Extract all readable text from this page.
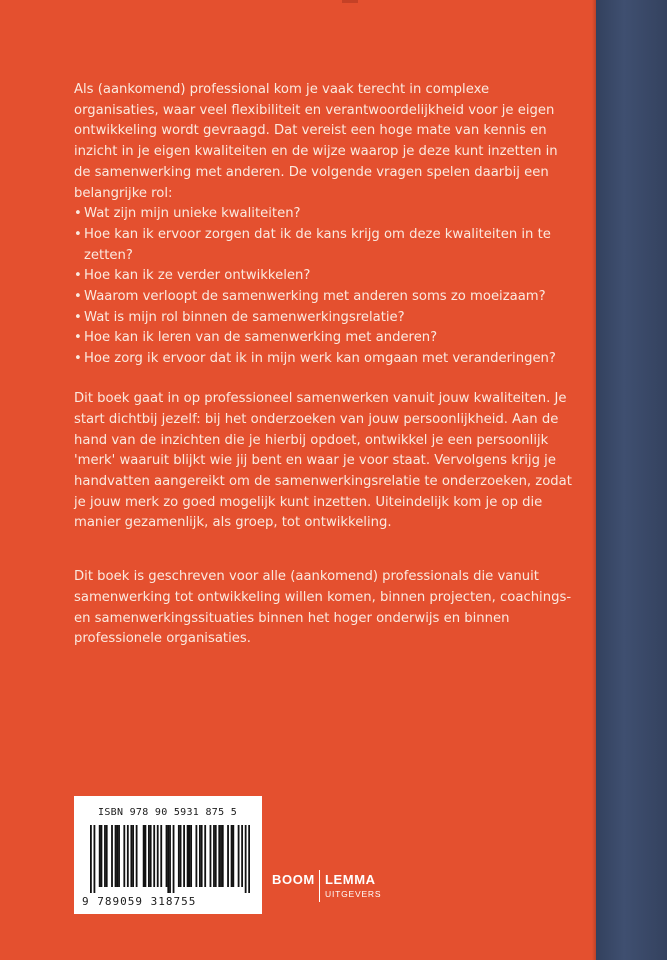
Als (aankomend) professional kom je vaak terecht in complexe organisaties, waar veel flexibiliteit en verantwoordelijkheid voor je eigen ontwikkeling wordt gevraagd. Dat vereist een hoge mate van kennis en inzicht in je eigen kwaliteiten en de wijze waarop je deze kunt inzetten in de samenwerking met anderen. De volgende vragen spelen daarbij een belangrijke rol:

• Wat zijn mijn unieke kwaliteiten?
• Hoe kan ik ervoor zorgen dat ik de kans krijg om deze kwaliteiten in te zetten?
• Hoe kan ik ze verder ontwikkelen?
• Waarom verloopt de samenwerking met anderen soms zo moeizaam?
• Wat is mijn rol binnen de samenwerkingsrelatie?
• Hoe kan ik leren van de samenwerking met anderen?
• Hoe zorg ik ervoor dat ik in mijn werk kan omgaan met veranderingen?

Dit boek gaat in op professioneel samenwerken vanuit jouw kwaliteiten. Je start dichtbij jezelf: bij het onderzoeken van jouw persoonlijkheid. Aan de hand van de inzichten die je hierbij opdoet, ontwikkel je een persoonlijk 'merk' waaruit blijkt wie jij bent en waar je voor staat. Vervolgens krijg je handvatten aangereikt om de samenwerkingsrelatie te onderzoeken, zodat je jouw merk zo goed mogelijk kunt inzetten. Uiteindelijk kom je op die manier gezamenlijk, als groep, tot ontwikkeling.

Dit boek is geschreven voor alle (aankomend) professionals die vanuit samenwerking tot ontwikkeling willen komen, binnen projecten, coachings- en samenwerkingssituaties binnen het hoger onderwijs en binnen professionele organisaties.

ISBN 978 90 5931 875 5
9 789059 318755
BOOM LEMMA
UITGEVERS
